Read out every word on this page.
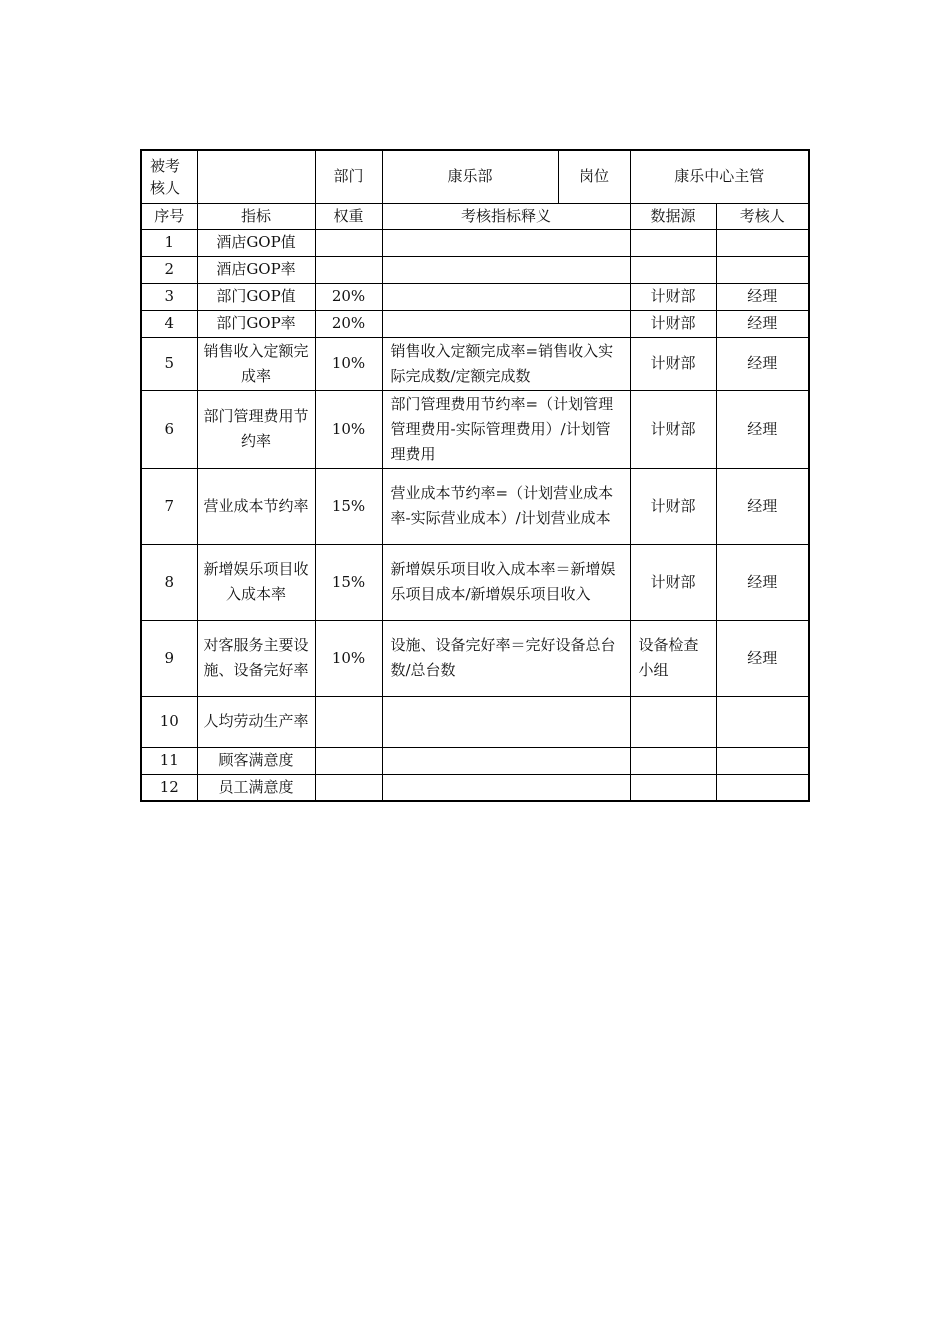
被考核人		部门	康乐部	岗位	康乐中心主管	
序号	指标	权重	考核指标释义		数据源	考核人
1	酒店GOP值					
2	酒店GOP率					
3	部门GOP值	20%			计财部	经理
4	部门GOP率	20%			计财部	经理
5	销售收入定额完成率	10%	销售收入定额完成率=销售收入实际完成数/定额完成数		计财部	经理
6	部门管理费用节约率	10%	部门管理费用节约率=（计划管理管理费用-实际管理费用）/计划管理费用		计财部	经理
7	营业成本节约率	15%	营业成本节约率=（计划营业成本率-实际营业成本）/计划营业成本		计财部	经理
8	新增娱乐项目收入成本率	15%	新增娱乐项目收入成本率＝新增娱乐项目成本/新增娱乐项目收入		计财部	经理
9	对客服务主要设施、设备完好率	10%	设施、设备完好率＝完好设备总台数/总台数		设备检查小组	经理
10	人均劳动生产率					
11	顾客满意度					
12	员工满意度					
